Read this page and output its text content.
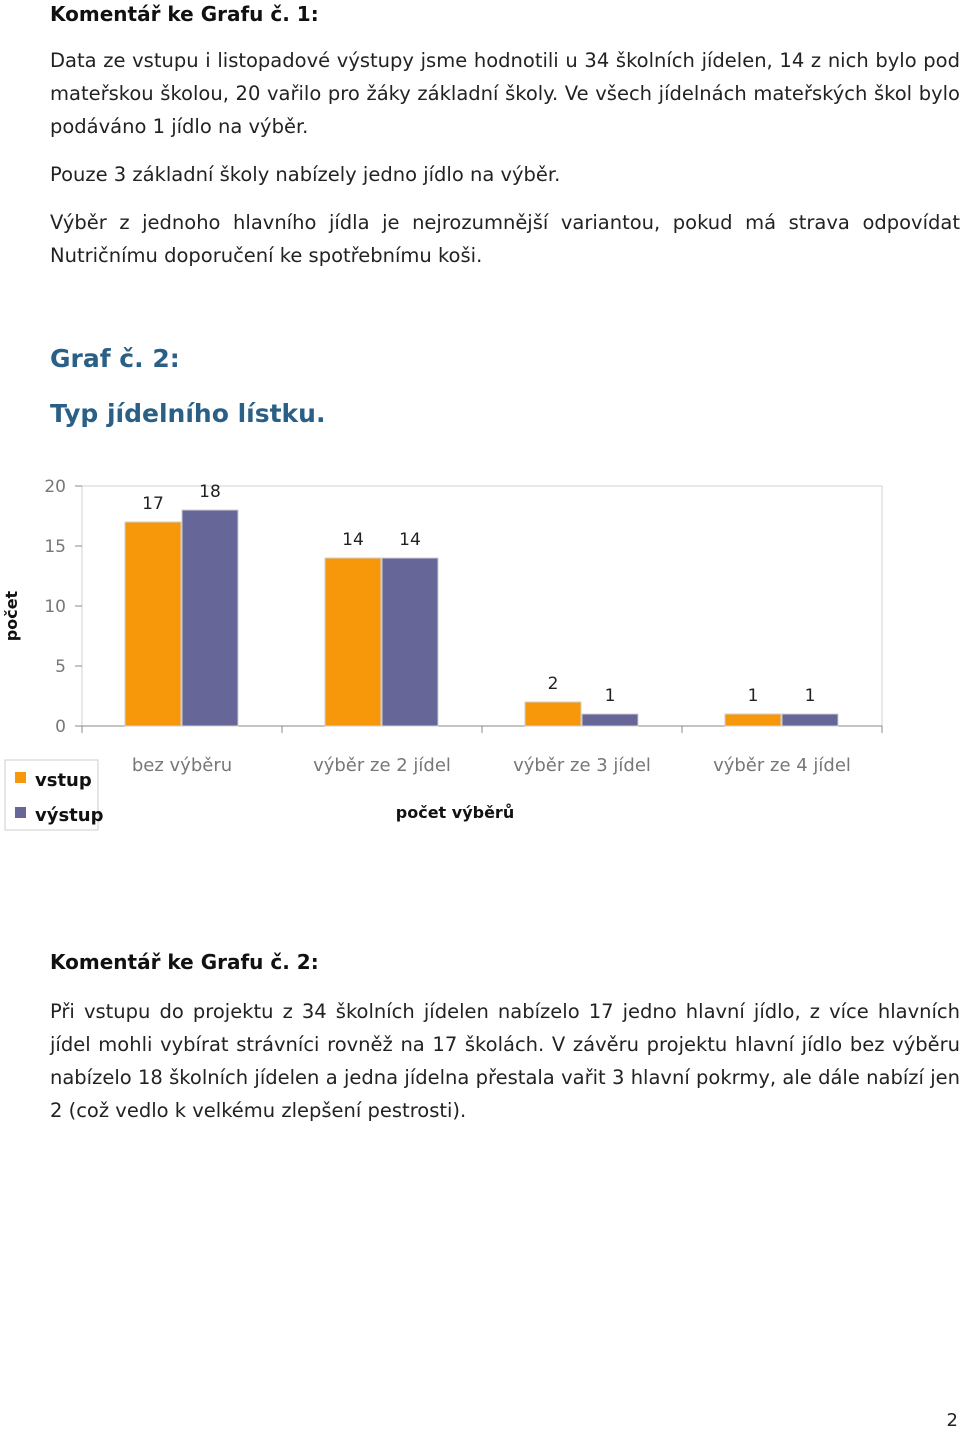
Komentář ke Grafu č. 1:

Data ze vstupu i listopadové výstupy jsme hodnotili u 34 školních jídelen, 14 z nich bylo pod mateřskou školou, 20 vařilo pro žáky základní školy. Ve všech jídelnách mateřských škol bylo podáváno 1 jídlo na výběr.

Pouze 3 základní školy nabízely jedno jídlo na výběr.

Výběr z jednoho hlavního jídla je nejrozumnější variantou, pokud má strava odpovídat Nutričnímu doporučení ke spotřebnímu koši.

Graf č. 2:
Typ jídelního lístku.
0
5
10
15
20
bez výběru	výběr ze 2 jídel	výběr ze 3 jídel	výběr ze 4 jídel
17
14
2
1
18
14
1	1
počet
počet výběrů
vstup
výstup
Komentář ke Grafu č. 2:

Při vstupu do projektu z 34 školních jídelen nabízelo 17 jedno hlavní jídlo, z více hlavních jídel mohli vybírat strávníci rovněž na 17 školách. V závěru projektu hlavní jídlo bez výběru nabízelo 18 školních jídelen a jedna jídelna přestala vařit 3 hlavní pokrmy, ale dále nabízí jen 2 (což vedlo k velkému zlepšení pestrosti).

2
